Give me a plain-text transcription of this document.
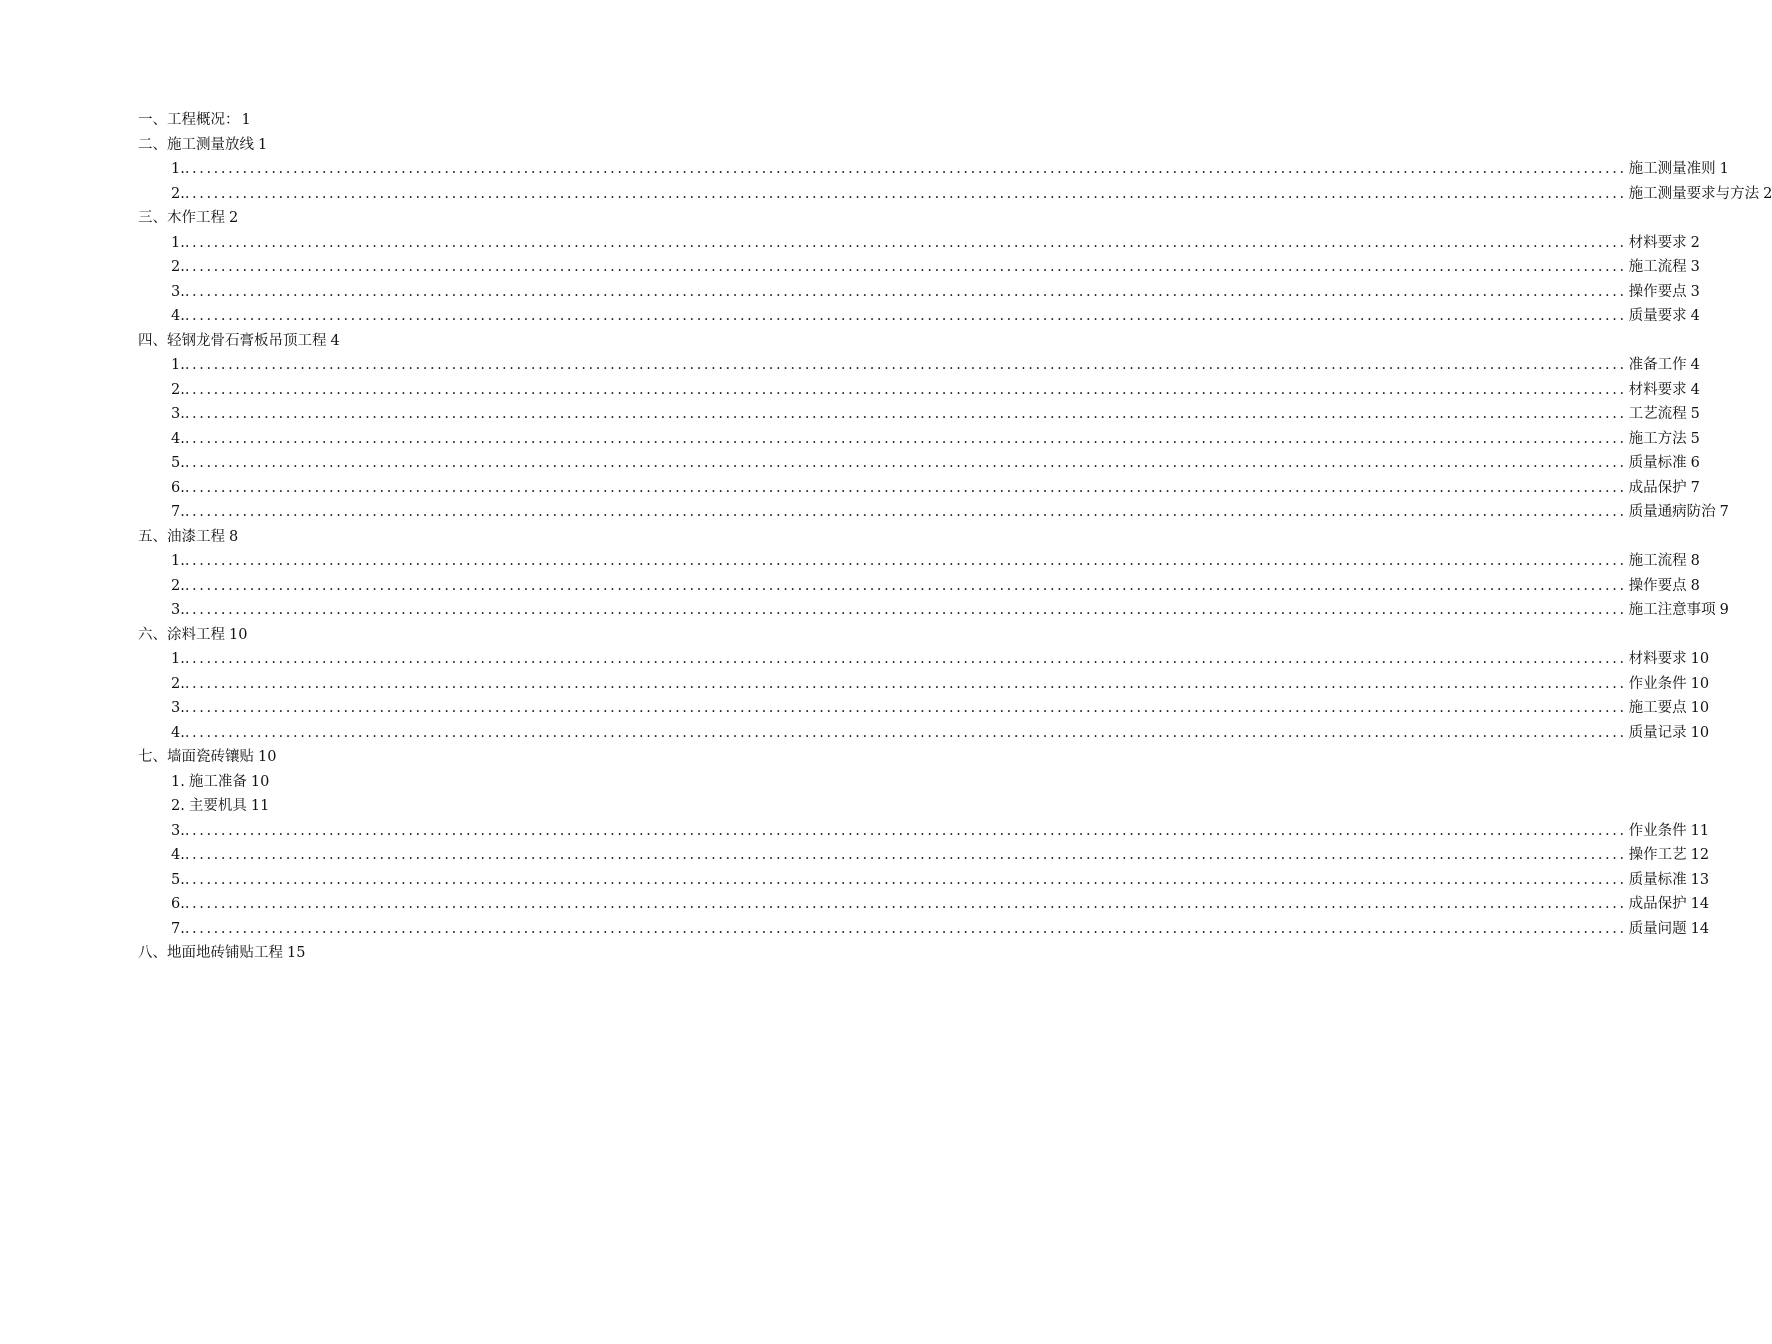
一、工程概况： 1
二、施工测量放线 1
1. ........................................................................................................................................................................................................ 施工测量准则 1
2. ........................................................................................................................................................................................................ 施工测量要求与方法 2
三、木作工程 2
1. ........................................................................................................................................................................................................ 材料要求 2
2. ........................................................................................................................................................................................................ 施工流程 3
3. ........................................................................................................................................................................................................ 操作要点 3
4. ........................................................................................................................................................................................................ 质量要求 4
四、轻钢龙骨石膏板吊顶工程 4
1. ........................................................................................................................................................................................................ 准备工作 4
2. ........................................................................................................................................................................................................ 材料要求 4
3. ........................................................................................................................................................................................................ 工艺流程 5
4. ........................................................................................................................................................................................................ 施工方法 5
5. ........................................................................................................................................................................................................ 质量标准 6
6. ........................................................................................................................................................................................................ 成品保护 7
7. ........................................................................................................................................................................................................ 质量通病防治 7
五、油漆工程 8
1. ........................................................................................................................................................................................................ 施工流程 8
2. ........................................................................................................................................................................................................ 操作要点 8
3. ........................................................................................................................................................................................................ 施工注意事项 9
六、涂料工程 10
1. ........................................................................................................................................................................................................ 材料要求 10
2. ........................................................................................................................................................................................................ 作业条件 10
3. ........................................................................................................................................................................................................ 施工要点 10
4. ........................................................................................................................................................................................................ 质量记录 10
七、墙面瓷砖镶贴 10
1. 施工准备 10
2. 主要机具 11
3. ........................................................................................................................................................................................................ 作业条件 11
4. ........................................................................................................................................................................................................ 操作工艺 12
5. ........................................................................................................................................................................................................ 质量标准 13
6. ........................................................................................................................................................................................................ 成品保护 14
7. ........................................................................................................................................................................................................ 质量问题 14
八、地面地砖铺贴工程 15
